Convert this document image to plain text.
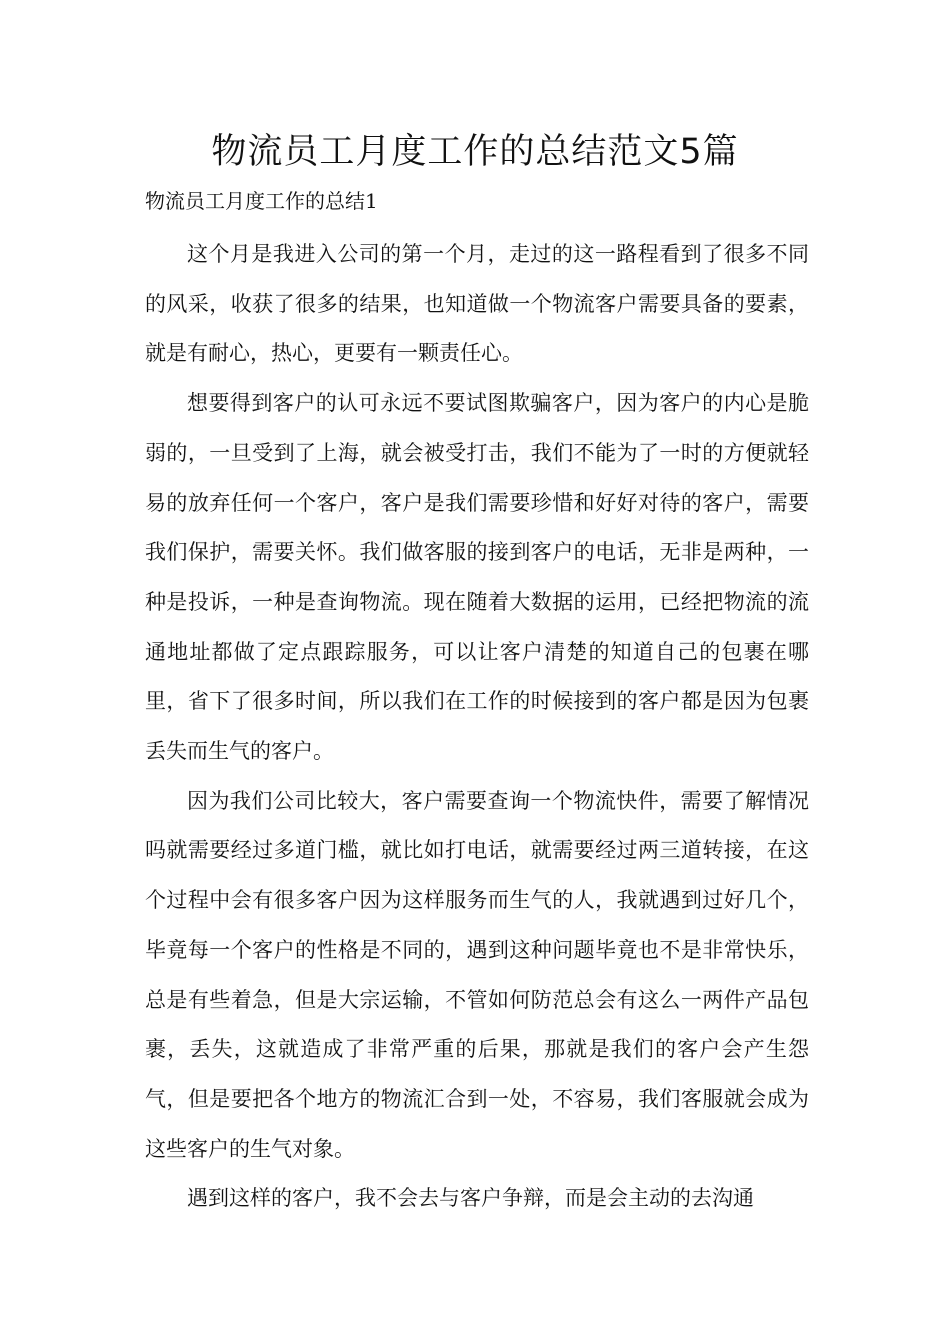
物流员工月度工作的总结范文5篇

物流员工月度工作的总结1

这个月是我进入公司的第一个月，走过的这一路程看到了很多不同的风采，收获了很多的结果，也知道做一个物流客户需要具备的要素，就是有耐心，热心，更要有一颗责任心。

想要得到客户的认可永远不要试图欺骗客户，因为客户的内心是脆弱的，一旦受到了上海，就会被受打击，我们不能为了一时的方便就轻易的放弃任何一个客户，客户是我们需要珍惜和好好对待的客户，需要我们保护，需要关怀。我们做客服的接到客户的电话，无非是两种，一种是投诉，一种是查询物流。现在随着大数据的运用，已经把物流的流通地址都做了定点跟踪服务，可以让客户清楚的知道自己的包裹在哪里，省下了很多时间，所以我们在工作的时候接到的客户都是因为包裹丢失而生气的客户。

因为我们公司比较大，客户需要查询一个物流快件，需要了解情况吗就需要经过多道门槛，就比如打电话，就需要经过两三道转接，在这个过程中会有很多客户因为这样服务而生气的人，我就遇到过好几个，毕竟每一个客户的性格是不同的，遇到这种问题毕竟也不是非常快乐，总是有些着急，但是大宗运输，不管如何防范总会有这么一两件产品包裹，丢失，这就造成了非常严重的后果，那就是我们的客户会产生怨气，但是要把各个地方的物流汇合到一处，不容易，我们客服就会成为这些客户的生气对象。

遇到这样的客户，我不会去与客户争辩，而是会主动的去沟通
